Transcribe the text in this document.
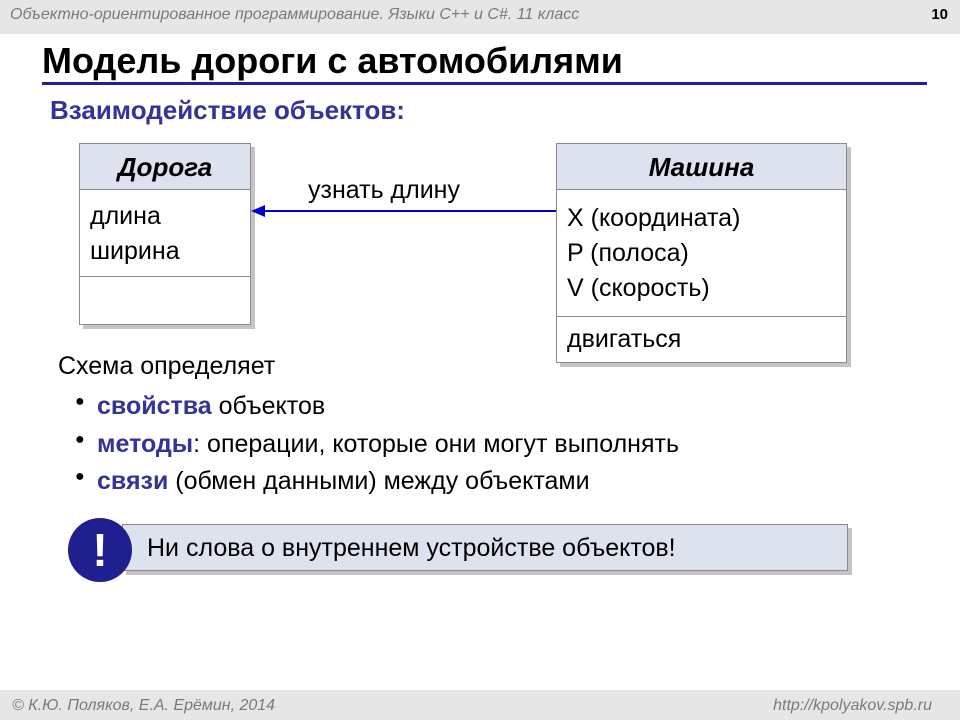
Объектно-ориентированное программирование. Языки C++ и C#. 11 класс	10
Модель дороги с автомобилями
Взаимодействие объектов:
Дорога
длина
ширина
Машина
X (координата)
P (полоса)
V (скорость)
двигаться
узнать длину
Схема определяет
● свойства объектов
● методы: операции, которые они могут выполнять
● связи (обмен данными) между объектами
Ни слова о внутреннем устройстве объектов!
!
© К.Ю. Поляков, Е.А. Ерёмин, 2014	http://kpolyakov.spb.ru
